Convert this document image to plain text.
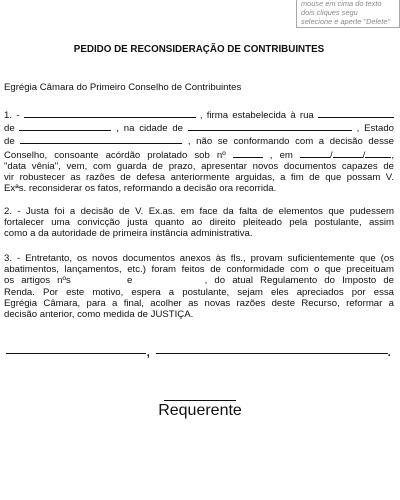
mouse em cima do texto
dois cliques segu
selecione e aperte "Delete"
PEDIDO DE RECONSIDERAÇÃO DE CONTRIBUINTES
Egrégia Câmara do Primeiro Conselho de Contribuintes
1. -	, firma estabelecida à rua
de	, na cidade de	, Estado
de	, não se conformando com a decisão desse
Conselho, consoante acórdão prolatado sob nº	, em	/	/	,
"data vênia", vem, com guarda de prazo, apresentar novos documentos capazes de
vir robustecer as razões de defesa anteriormente arguidas, a fim de que possam V.
Exªs. reconsiderar os fatos, reformando a decisão ora recorrida.
2. - Justa foi a decisão de V. Ex.as. em face da falta de elementos que pudessem
fortalecer uma convicção justa quanto ao direito pleiteado pela postulante, assim
como a da autoridade de primeira instância administrativa.
3. - Entretanto, os novos documentos anexos às fls., provam suficientemente que (os
abatimentos, lançamentos, etc.) foram feitos de conformidade com o que preceituam
os artigos nºs	e	, do atual Regulamento do Imposto de
Renda. Por este motivo, espera a postulante, sejam eles apreciados por essa
Egrégia Câmara, para a final, acolher as novas razões deste Recurso, reformar a
decisão anterior, como medida de JUSTIÇA.
,	.
Requerente
